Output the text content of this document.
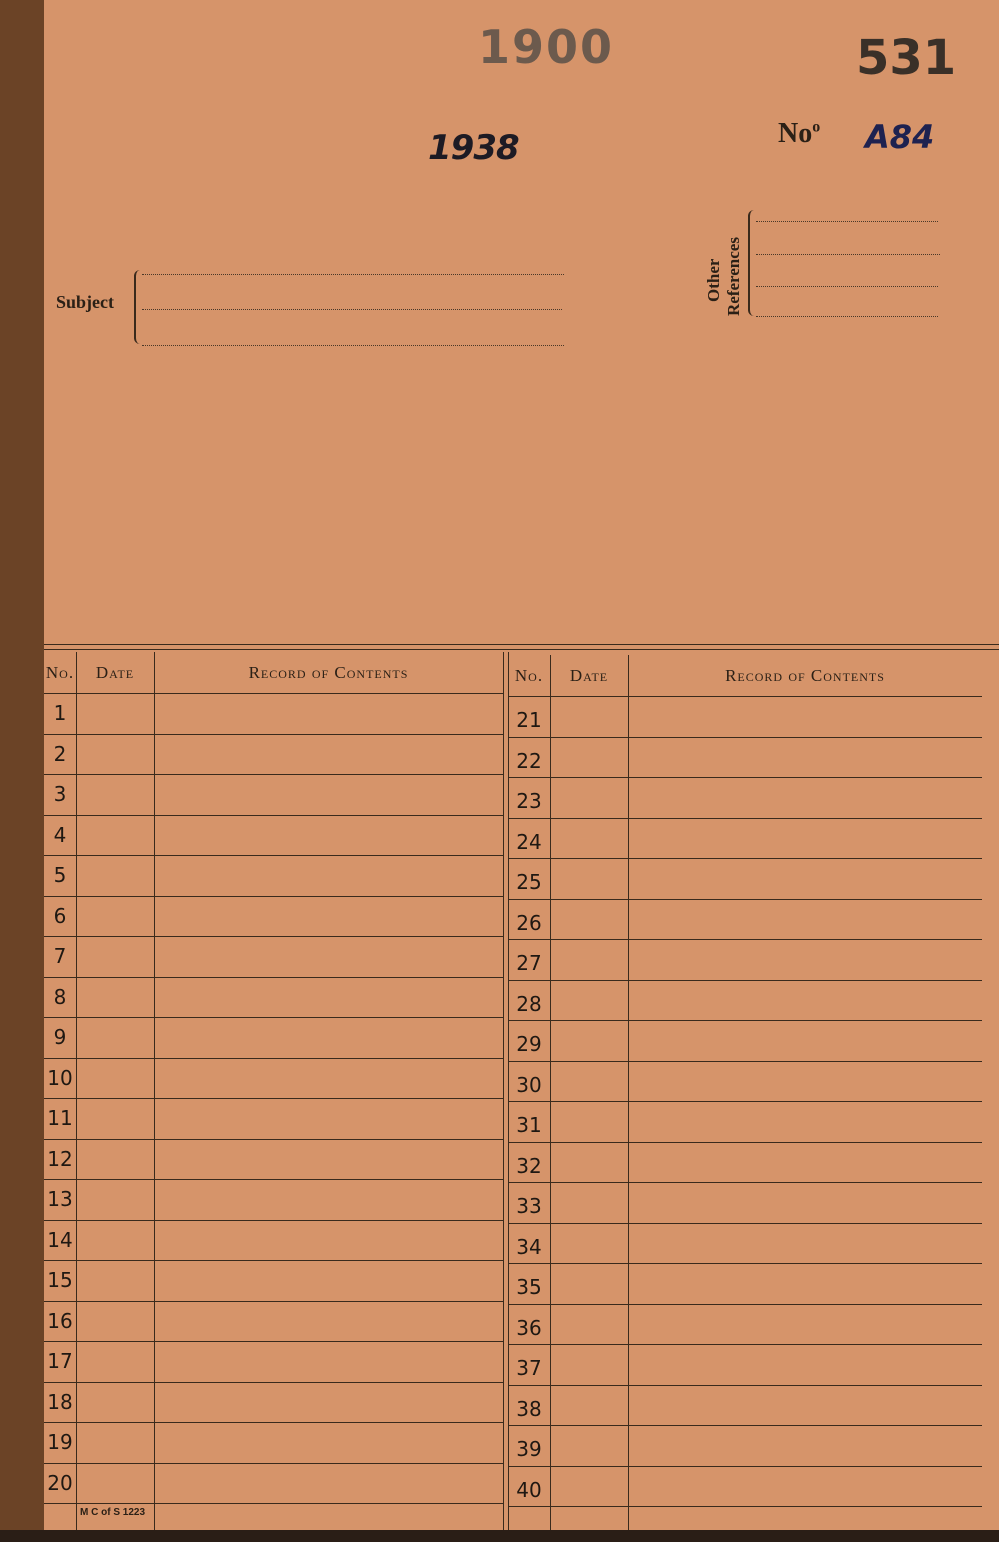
1900	531
1938	No$^o$ A84
Subject	Other References
M C of S 1223
No.	Date	Record of Contents
1
2
3
4
5
6
7
8
9
10
11
12
13
14
15
16
17
18
19
20
No.	Date	Record of Contents
21
22
23
24
25
26
27
28
29
30
31
32
33
34
35
36
37
38
39
40
